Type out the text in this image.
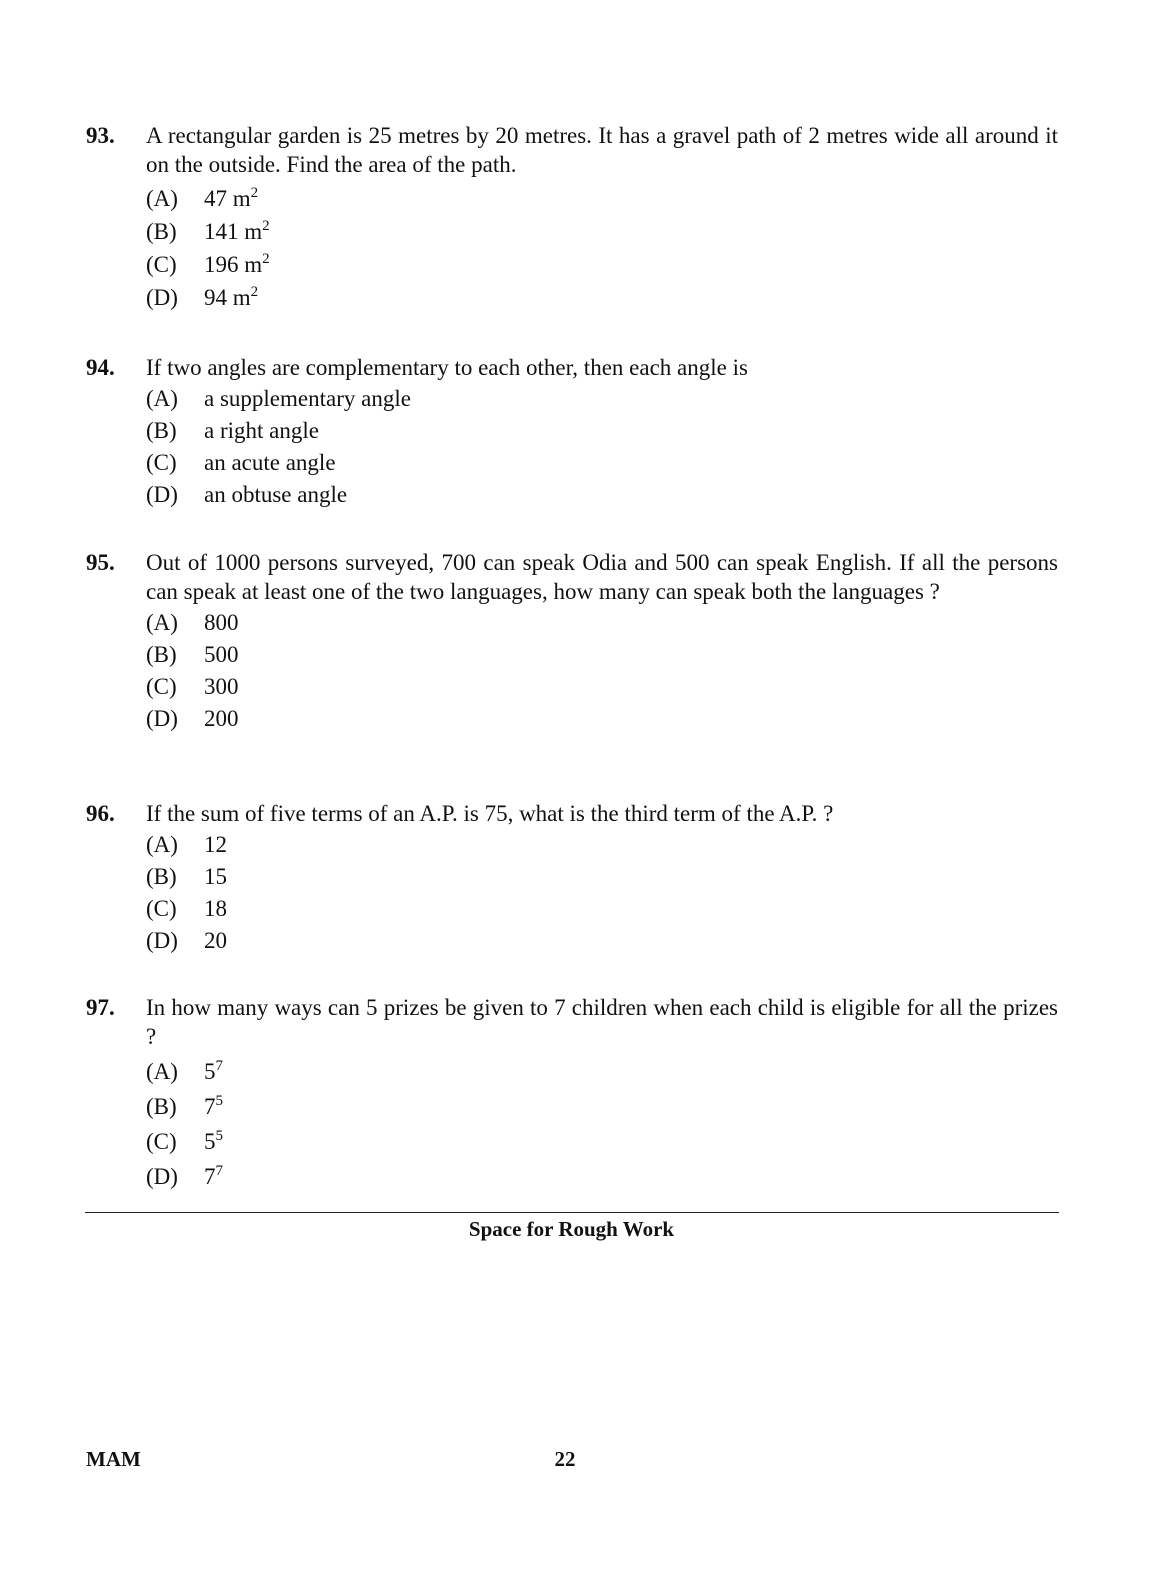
93. A rectangular garden is 25 metres by 20 metres. It has a gravel path of 2 metres wide all around it on the outside. Find the area of the path.
(A)	47 $m^2$
(B)	141 $m^2$
(C)	196 $m^2$
(D)	94 $m^2$
94. If two angles are complementary to each other, then each angle is
(A)	a supplementary angle
(B)	a right angle
(C)	an acute angle
(D)	an obtuse angle
95. Out of 1000 persons surveyed, 700 can speak Odia and 500 can speak English. If all the persons can speak at least one of the two languages, how many can speak both the languages ?
(A)	800
(B)	500
(C)	300
(D)	200
96. If the sum of five terms of an A.P. is 75, what is the third term of the A.P. ?
(A)	12
(B)	15
(C)	18
(D)	20
97. In how many ways can 5 prizes be given to 7 children when each child is eligible for all the prizes ?
(A)	$5^7$
(B)	$7^5$
(C)	$5^5$
(D)	$7^7$
Space for Rough Work
MAM	22
